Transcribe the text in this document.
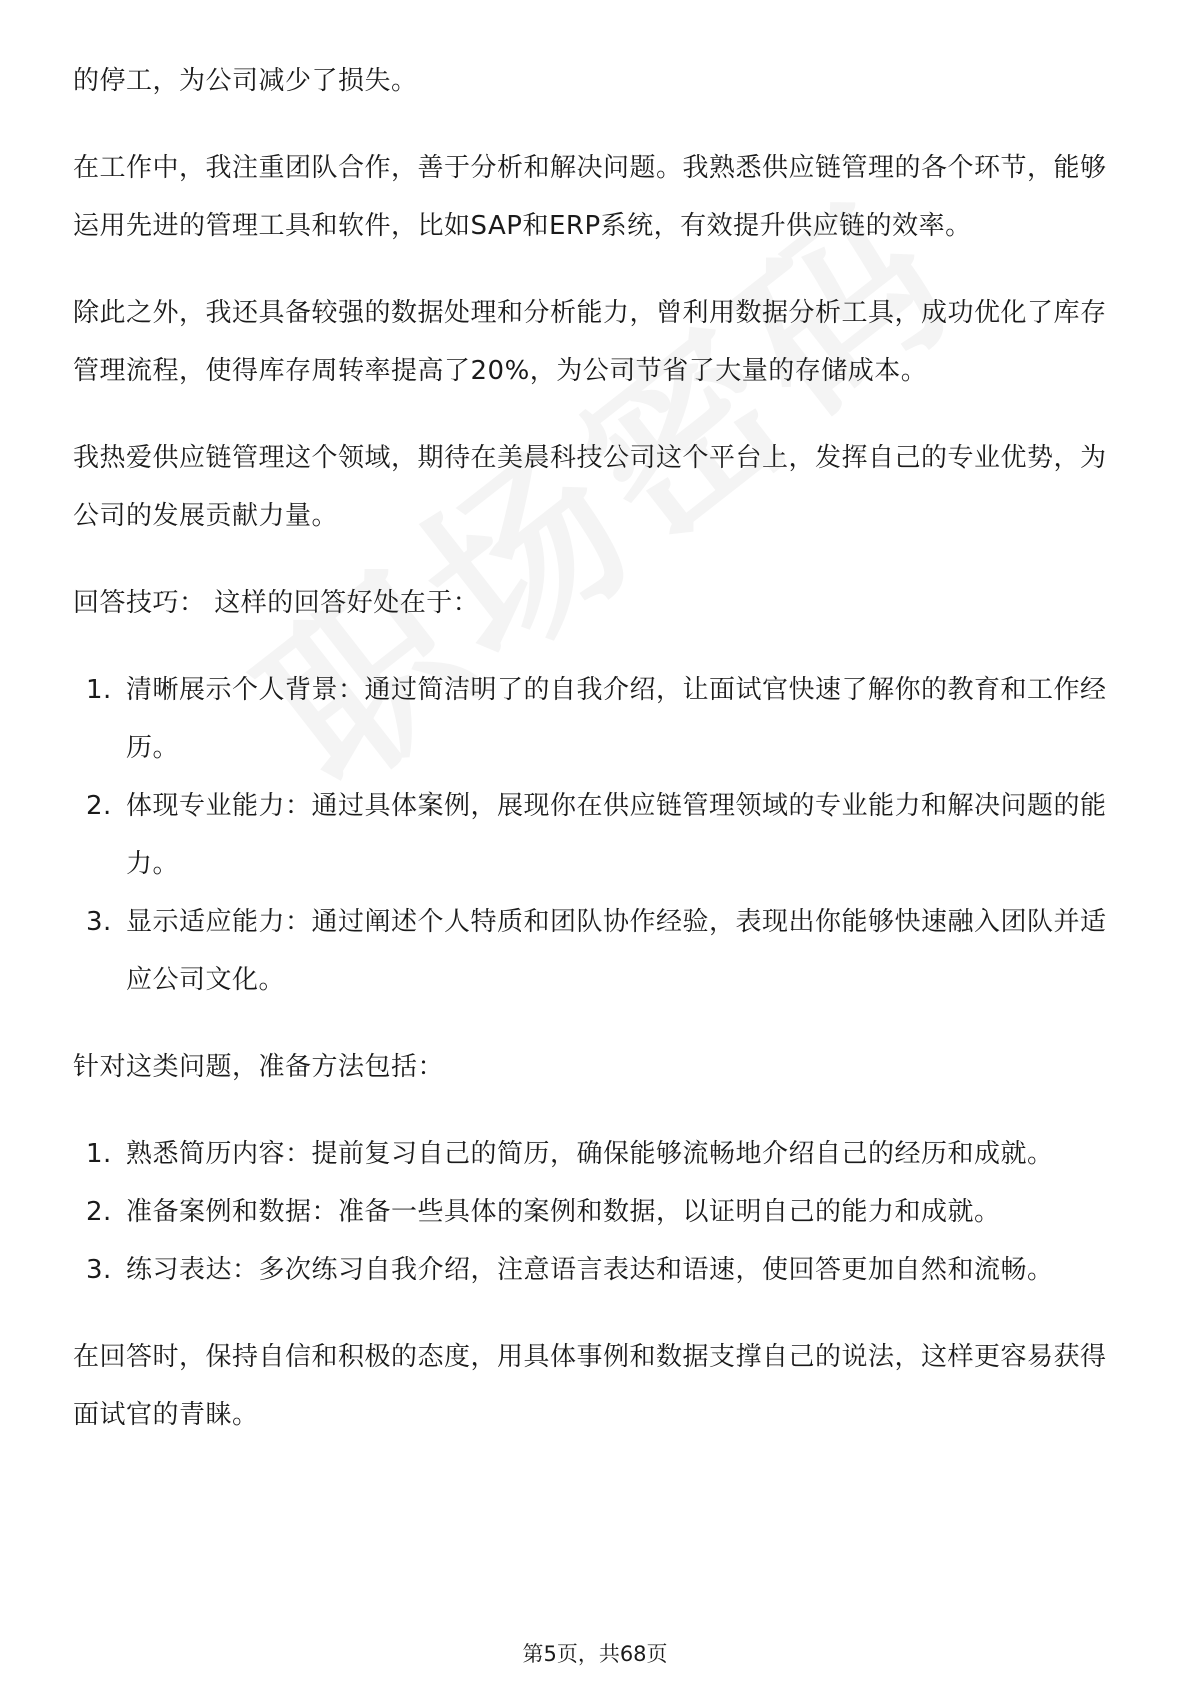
的停工，为公司减少了损失。

在工作中，我注重团队合作，善于分析和解决问题。我熟悉供应链管理的各个环节，能够运用先进的管理工具和软件，比如SAP和ERP系统，有效提升供应链的效率。

除此之外，我还具备较强的数据处理和分析能力，曾利用数据分析工具，成功优化了库存管理流程，使得库存周转率提高了20%，为公司节省了大量的存储成本。

我热爱供应链管理这个领域，期待在美晨科技公司这个平台上，发挥自己的专业优势，为公司的发展贡献力量。

回答技巧： 这样的回答好处在于：

1. 清晰展示个人背景：通过简洁明了的自我介绍，让面试官快速了解你的教育和工作经历。
2. 体现专业能力：通过具体案例，展现你在供应链管理领域的专业能力和解决问题的能力。
3. 显示适应能力：通过阐述个人特质和团队协作经验，表现出你能够快速融入团队并适应公司文化。

针对这类问题，准备方法包括：

1. 熟悉简历内容：提前复习自己的简历，确保能够流畅地介绍自己的经历和成就。
2. 准备案例和数据：准备一些具体的案例和数据，以证明自己的能力和成就。
3. 练习表达：多次练习自我介绍，注意语言表达和语速，使回答更加自然和流畅。

在回答时，保持自信和积极的态度，用具体事例和数据支撑自己的说法，这样更容易获得面试官的青睐。

第5页，共68页
